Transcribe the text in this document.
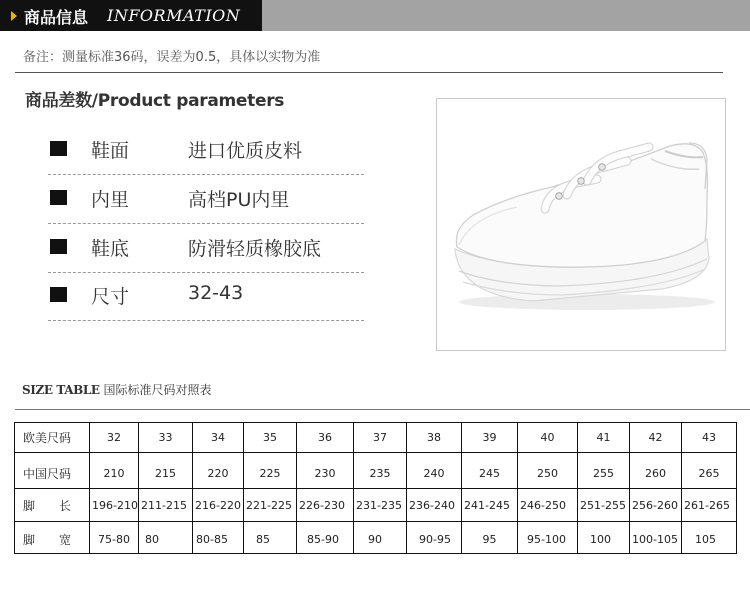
商品信息 INFORMATION
备注：测量标准36码，误差为0.5，具体以实物为准
商品差数/Product parameters
鞋面	进口优质皮料
内里	高档PU内里
鞋底	防滑轻质橡胶底
尺寸	32-43
SIZE TABLE 国际标准尺码对照表
欧美尺码	32	33	34	35	36	37	38	39	40	41	42	43
中国尺码	210	215	220	225	230	235	240	245	250	255	260	265
脚　　长	196-210	211-215	216-220	221-225	226-230	231-235	236-240	241-245	246-250	251-255	256-260	261-265
脚　　宽	75-80	80	80-85	85	85-90	90	90-95	95	95-100	100	100-105	105
